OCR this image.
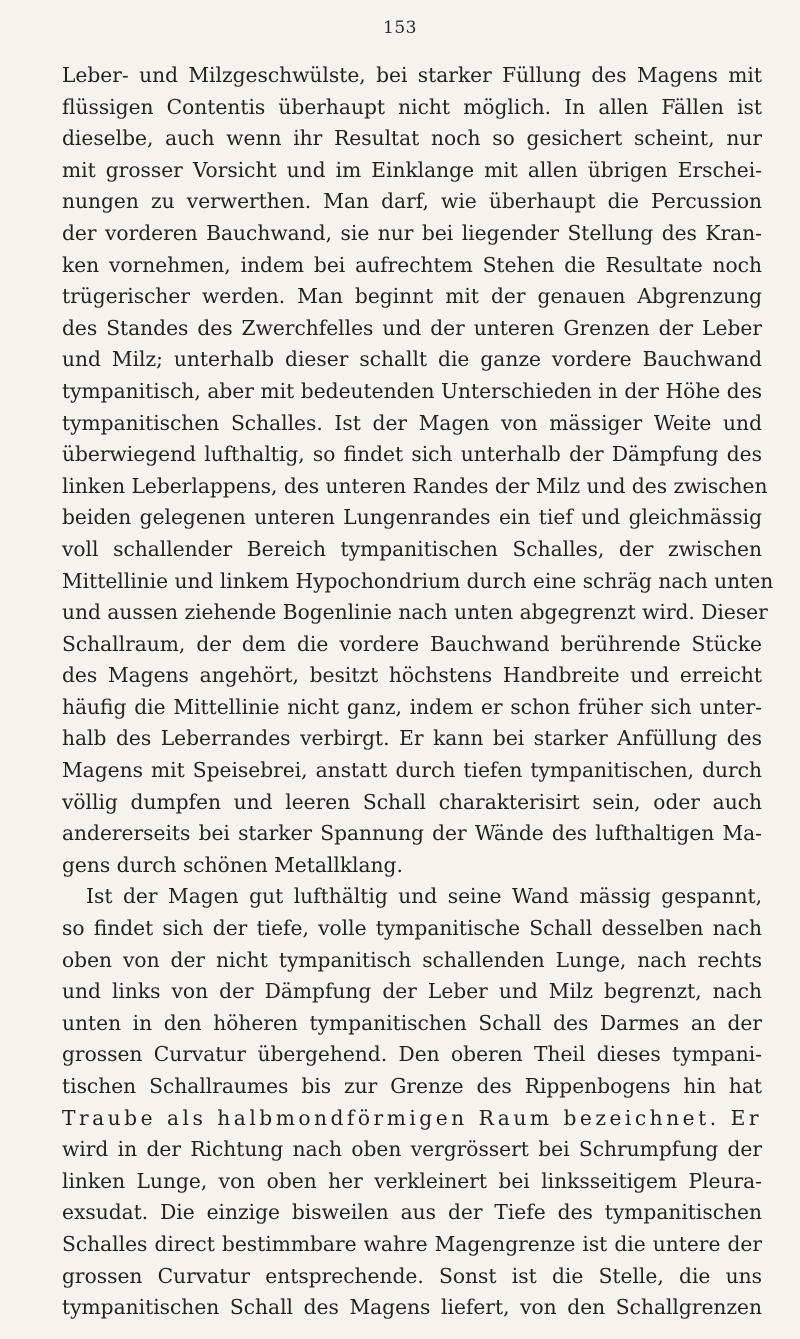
153
Leber- und Milzgeschwülste, bei starker Füllung des Magens mit
flüssigen Contentis überhaupt nicht möglich. In allen Fällen ist
dieselbe, auch wenn ihr Resultat noch so gesichert scheint, nur
mit grosser Vorsicht und im Einklange mit allen übrigen Erschei-
nungen zu verwerthen. Man darf, wie überhaupt die Percussion
der vorderen Bauchwand, sie nur bei liegender Stellung des Kran-
ken vornehmen, indem bei aufrechtem Stehen die Resultate noch
trügerischer werden. Man beginnt mit der genauen Abgrenzung
des Standes des Zwerchfelles und der unteren Grenzen der Leber
und Milz; unterhalb dieser schallt die ganze vordere Bauchwand
tympanitisch, aber mit bedeutenden Unterschieden in der Höhe des
tympanitischen Schalles. Ist der Magen von mässiger Weite und
überwiegend lufthaltig, so findet sich unterhalb der Dämpfung des
linken Leberlappens, des unteren Randes der Milz und des zwischen
beiden gelegenen unteren Lungenrandes ein tief und gleichmässig
voll schallender Bereich tympanitischen Schalles, der zwischen
Mittellinie und linkem Hypochondrium durch eine schräg nach unten
und aussen ziehende Bogenlinie nach unten abgegrenzt wird. Dieser
Schallraum, der dem die vordere Bauchwand berührende Stücke
des Magens angehört, besitzt höchstens Handbreite und erreicht
häufig die Mittellinie nicht ganz, indem er schon früher sich unter-
halb des Leberrandes verbirgt. Er kann bei starker Anfüllung des
Magens mit Speisebrei, anstatt durch tiefen tympanitischen, durch
völlig dumpfen und leeren Schall charakterisirt sein, oder auch
andererseits bei starker Spannung der Wände des lufthaltigen Ma-
gens durch schönen Metallklang.
Ist der Magen gut lufthältig und seine Wand mässig gespannt,
so findet sich der tiefe, volle tympanitische Schall desselben nach
oben von der nicht tympanitisch schallenden Lunge, nach rechts
und links von der Dämpfung der Leber und Milz begrenzt, nach
unten in den höheren tympanitischen Schall des Darmes an der
grossen Curvatur übergehend. Den oberen Theil dieses tympani-
tischen Schallraumes bis zur Grenze des Rippenbogens hin hat
Traube als halbmondförmigen Raum bezeichnet. Er
wird in der Richtung nach oben vergrössert bei Schrumpfung der
linken Lunge, von oben her verkleinert bei linksseitigem Pleura-
exsudat. Die einzige bisweilen aus der Tiefe des tympanitischen
Schalles direct bestimmbare wahre Magengrenze ist die untere der
grossen Curvatur entsprechende. Sonst ist die Stelle, die uns
tympanitischen Schall des Magens liefert, von den Schallgrenzen
